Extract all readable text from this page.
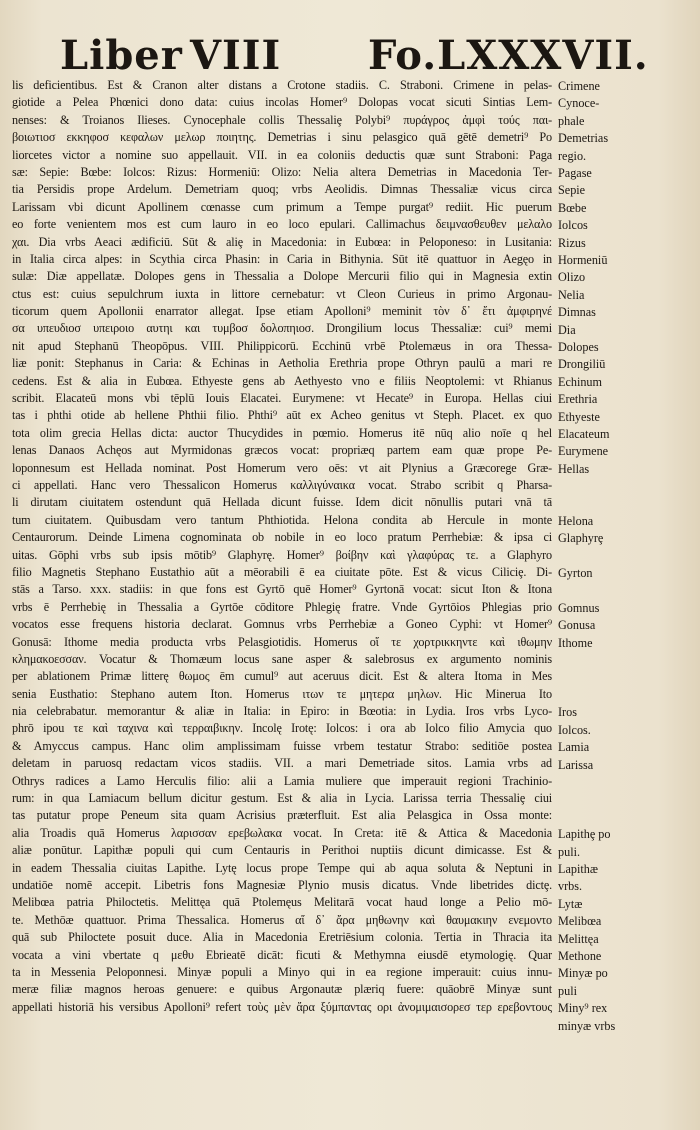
Liber VIII Fo.LXXXVII.
lis deficientibus. Est & Cranon alter distans a Crotone stadiis. C. Straboni. Crimene in pelas-
giotide a Pelea Phœnici dono data: cuius incolas Homer⁹ Dolopas vocat sicuti Sintias Lem-
nenses: & Troianos Ilieses. Cynocephale collis Thessaliȩ Polybi⁹ πυράγρος ἀμφὶ τούς παι-
βοιωτιοσ εκκηφοσ κεφαλων μελωρ ποιητης. Demetrias i sinu pelasgico quā gētē demetri⁹ Po
liorcetes victor a nomine suo appellauit. VII. in ea coloniis deductis quæ sunt Straboni: Paga
sæ: Sepie: Bœbe: Iolcos: Rizus: Hormeniū: Olizo: Nelia altera Demetrias in Macedonia Ter-
tia Persidis prope Ardelum. Demetriam quoq; vrbs Aeolidis. Dimnas Thessaliæ vicus circa
Larissam vbi dicunt Apollinem cœnasse cum primum a Tempe purgat⁹ rediit. Hic puerum
eo forte venientem mos est cum lauro in eo loco epulari. Callimachus δειμνασθευθεν μελαλο
χαι. Dia vrbs Aeaci ædificiū. Sūt & aliȩ in Macedonia: in Eubœa: in Peloponeso: in Lusitania:
in Italia circa alpes: in Scythia circa Phasin: in Caria in Bithynia. Sūt itē quattuor in Aegęo in
sulæ: Diæ appellatæ. Dolopes gens in Thessalia a Dolope Mercurii filio qui in Magnesia extin
ctus est: cuius sepulchrum iuxta in littore cernebatur: vt Cleon Curieus in primo Argonau-
ticorum quem Apollonii enarrator allegat. Ipse etiam Apolloni⁹ meminit τὸν δ᾽ ἔτι ἀμφιρηνέ
σα υπευδιοσ υπειροιο αυτηι και τυμβοσ δολοπηιοσ. Drongilium locus Thessaliæ: cui⁹ memi
nit apud Stephanū Theopōpus. VIII. Philippicorū. Ecchinū vrbē Ptolemæus in ora Thessa-
liæ ponit: Stephanus in Caria: & Echinas in Aetholia Erethria prope Othryn paulū a mari re
cedens. Est & alia in Eubœa. Ethyeste gens ab Aethyesto vno e filiis Neoptolemi: vt Rhianus
scribit. Elacateū mons vbi tēplū Iouis Elacatei. Eurymene: vt Hecate⁹ in Europa. Hellas ciui
tas i phthi otide ab hellene Phthii filio. Phthi⁹ aūt ex Acheo genitus vt Steph. Placet. ex quo
tota olim grecia Hellas dicta: auctor Thucydides in pœmio. Homerus itē nūq alio noīe q hel
lenas Danaos Achęos aut Myrmidonas græcos vocat: propriæq partem eam quæ prope Pe-
loponnesum est Hellada nominat. Post Homerum vero oēs: vt ait Plynius a Græcorege Græ-
ci appellati. Hanc vero Thessalicon Homerus καλλιγύναικα vocat. Strabo scribit q Pharsa-
li dirutam ciuitatem ostendunt quā Hellada dicunt fuisse. Idem dicit nōnullis putari vnā tā
tum ciuitatem. Quibusdam vero tantum Phthiotida. Helona condita ab Hercule in monte
Centaurorum. Deinde Limena cognominata ob nobile in eo loco pratum Perrhebiæ: & ipsa ci
uitas. Gōphi vrbs sub ipsis mōtib⁹ Glaphyrę. Homer⁹ βοίβην καὶ γλαφύρας τε. a Glaphyro
filio Magnetis Stephano Eustathio aūt a mēorabili ē ea ciuitate pōte. Est & vicus Ciliciȩ. Di-
stās a Tarso. xxx. stadiis: in que fons est Gyrtō quē Homer⁹ Gyrtonā vocat: sicut Iton & Itona
vrbs ē Perrhebię in Thessalia a Gyrtōe cōditore Phlegię fratre. Vnde Gyrtōios Phlegias prio
vocatos esse frequens historia declarat. Gomnus vrbs Perrhebiæ a Goneo Cyphi: vt Homer⁹
Gonusā: Ithome media producta vrbs Pelasgiotidis. Homerus οἵ τε χορτρικκηντε καὶ ιθωμην
κλημακοεσσαν. Vocatur & Thomæum locus sane asper & salebrosus ex argumento nominis
per ablationem Primæ litterę θωμος ēm cumul⁹ aut aceruus dicit. Est & altera Itoma in Mes
senia Eusthatio: Stephano autem Iton. Homerus ιτων τε μητερα μηλων. Hic Minerua Ito
nia celebrabatur. memorantur & aliæ in Italia: in Epiro: in Bœotia: in Lydia. Iros vrbs Lyco-
phrō ipou τε καὶ ταχινα καὶ τερραιβικην. Incolę Irotę: Iolcos: i ora ab Iolco filio Amycia quo
& Amyccus campus. Hanc olim amplissimam fuisse vrbem testatur Strabo: seditiōe postea
deletam in paruosq redactam vicos stadiis. VII. a mari Demetriade sitos. Lamia vrbs ad
Othrys radices a Lamo Herculis filio: alii a Lamia muliere que imperauit regioni Trachinio-
rum: in qua Lamiacum bellum dicitur gestum. Est & alia in Lycia. Larissa terria Thessaliȩ ciui
tas putatur prope Peneum sita quam Acrisius præterfluit. Est alia Pelasgica in Ossa monte:
alia Troadis quā Homerus λαρισσαν ερεβωλακα vocat. In Creta: itē & Attica & Macedonia
aliæ ponūtur. Lapithæ populi qui cum Centauris in Perithoi nuptiis dicunt dimicasse. Est &
in eadem Thessalia ciuitas Lapithe. Lytę locus prope Tempe qui ab aqua soluta & Neptuni in
undatiōe nomē accepit. Libetris fons Magnesiæ Plynio musis dicatus. Vnde libetrides dictȩ.
Melibœa patria Philoctetis. Melittęa quā Ptolemęus Melitarā vocat haud longe a Pelio mō-
te. Methōæ quattuor. Prima Thessalica. Homerus αἵ δ᾽ ἄρα μηθωνην καὶ θαυμακιην ενεμοντο
quā sub Philoctete posuit duce. Alia in Macedonia Eretriēsium colonia. Tertia in Thracia ita
vocata a vini vbertate q μεθυ Ebrieatē dicāt: ficuti & Methymna eiusdē etymologię. Quar
ta in Messenia Peloponnesi. Minyæ populi a Minyo qui in ea regione imperauit: cuius innu-
meræ filiæ magnos heroas genuere: e quibus Argonautæ plæriq fuere: quāobrē Minyæ sunt
appellati historiā his versibus Apolloni⁹ refert τοὺς μὲν ἄρα ξύμπαντας ορι ἀνομιμαισορεσ τερ ερεβοντους
Crimene
Cynoce-
phale
Demetrias
regio.
Pagase
Sepie
Bœbe
Iolcos
Rizus
Hormeniū
Olizo
Nelia
Dimnas
Dia
Dolopes
Drongiliū
Echinum
Erethria
Ethyeste
Elacateum
Eurymene
Hellas
Helona
Glaphyrȩ
Gyrton
Gomnus
Gonusa
Ithome
Iros
Iolcos.
Lamia
Larissa
Lapithȩ po
puli.
Lapithæ
vrbs.
Lytæ
Melibœa
Melittęa
Methone
Minyæ po
puli
Miny⁹ rex
minyæ vrbs
